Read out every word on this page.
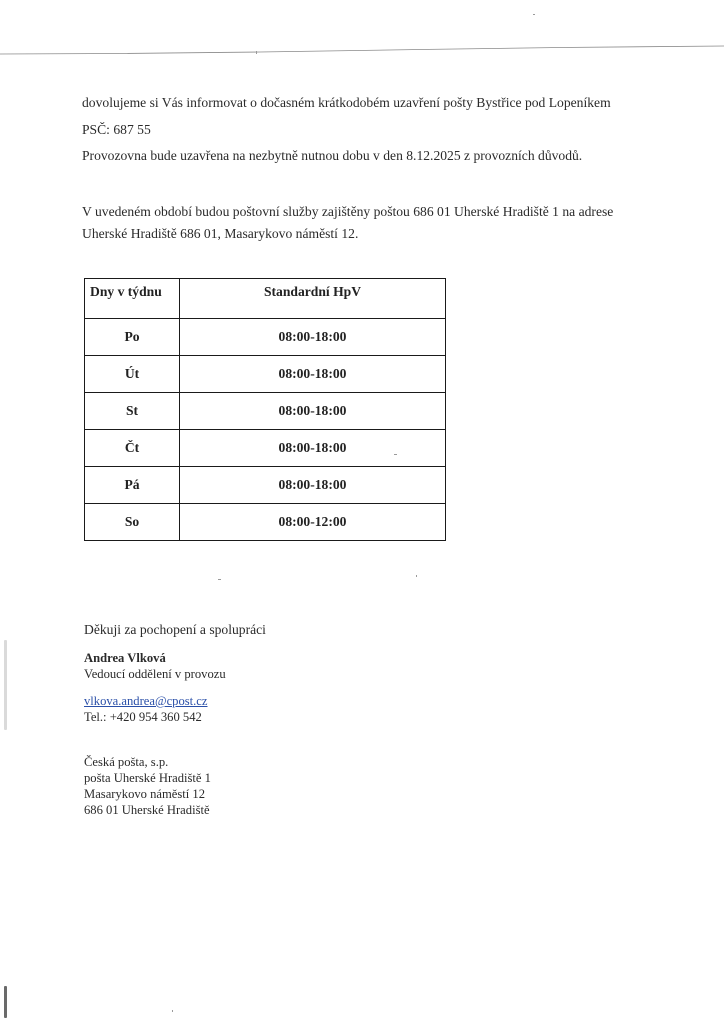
dovolujeme si Vás informovat o dočasném krátkodobém uzavření pošty Bystřice pod Lopeníkem

PSČ: 687 55

Provozovna bude uzavřena na nezbytně nutnou dobu v den 8.12.2025 z provozních důvodů.

V uvedeném období budou poštovní služby zajištěny poštou 686 01 Uherské Hradiště 1 na adrese

Uherské Hradiště 686 01, Masarykovo náměstí 12.

Dny v týdnu	Standardní HpV
Po	08:00-18:00
Út	08:00-18:00
St	08:00-18:00
Čt	08:00-18:00
Pá	08:00-18:00
So	08:00-12:00
Děkuji za pochopení a spolupráci
Andrea Vlková
Vedoucí oddělení v provozu
vlkova.andrea@cpost.cz
Tel.: +420 954 360 542
Česká pošta, s.p.
pošta Uherské Hradiště 1
Masarykovo náměstí 12
686 01 Uherské Hradiště
